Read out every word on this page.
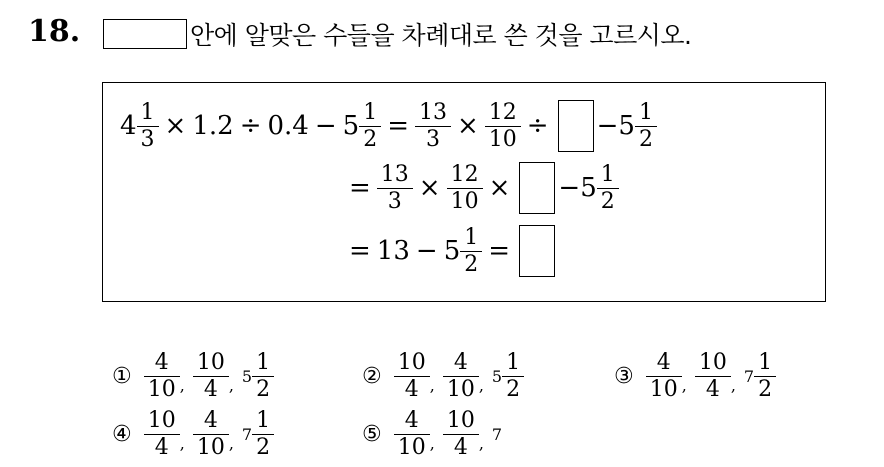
18.	안에 알맞은 수들을 차례대로 쓴 것을 고르시오.
$4 \frac{1}{3} \times 1.2 \div 0.4 - 5 \frac{1}{2} = \frac{13}{3} \times \frac{12}{10}$ ÷ − $5 \frac{1}{2}$
= $\frac{13}{3} \times \frac{12}{10}$ × − $5 \frac{1}{2}$
= $13 - 5 \frac{1}{2}$ =
① $\frac{4}{10}$ , $\frac{10}{4}$ , $5 \frac{1}{2}$	② $\frac{10}{4}$ , $\frac{4}{10}$ , $5 \frac{1}{2}$	③ $\frac{4}{10}$ , $\frac{10}{4}$ , $7 \frac{1}{2}$
④ $\frac{10}{4}$ , $\frac{4}{10}$ , $7 \frac{1}{2}$	⑤ $\frac{4}{10}$ , $\frac{10}{4}$ , 7
